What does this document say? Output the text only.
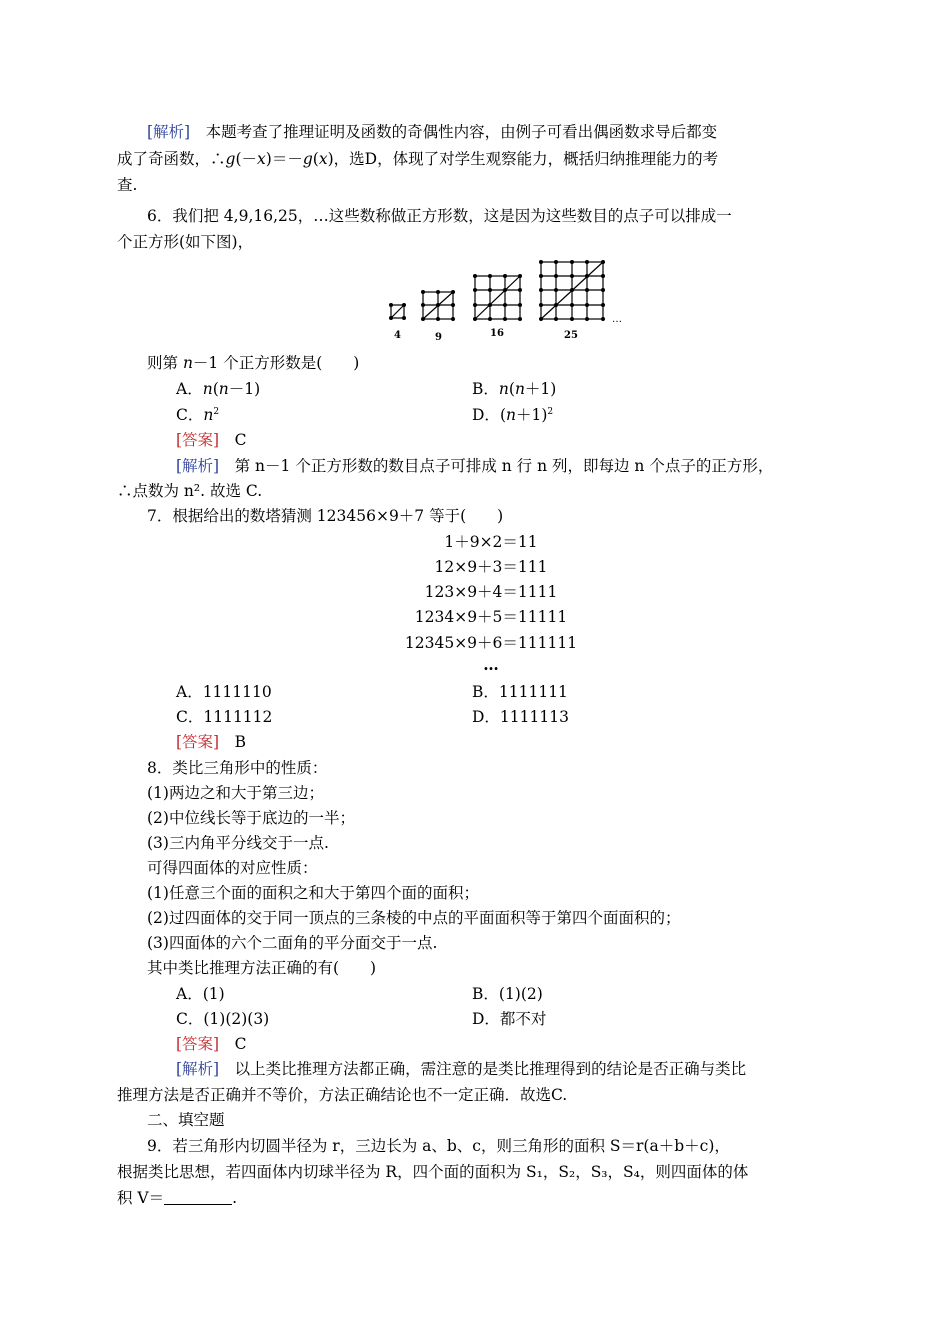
[解析]　 本题考查了推理证明及函数的奇偶性内容，由例子可看出偶函数求导后都变
成了奇函数，∴g(－x)＝－g(x)，选D，体现了对学生观察能力，概括归纳推理能力的考
查.
6．我们把 4,9,16,25，…这些数称做正方形数，这是因为这些数目的点子可以排成一
个正方形(如下图)，
4	9	16	25
…
则第 n－1 个正方形数是(　　)
A．n(n－1)	B．n(n＋1)
C．$n^2$	D．$(n+1)^2$
[答案]　 C
[解析]　 第 n－1 个正方形数的数目点子可排成 n 行 n 列，即每边 n 个点子的正方形，
∴点数为 n². 故选 C.
7．根据给出的数塔猜测 123456×9＋7 等于(　　)
1＋9×2＝11
12×9＋3＝111
123×9＋4＝1111
1234×9＋5＝11111
12345×9＋6＝111111
…
A．1111110	B．1111111
C．1111112	D．1111113
[答案]　 B
8．类比三角形中的性质：
(1)两边之和大于第三边；
(2)中位线长等于底边的一半；
(3)三内角平分线交于一点.
可得四面体的对应性质：
(1)任意三个面的面积之和大于第四个面的面积；
(2)过四面体的交于同一顶点的三条棱的中点的平面面积等于第四个面面积的；
(3)四面体的六个二面角的平分面交于一点.
其中类比推理方法正确的有(　　)
A．(1)	B．(1)(2)
C．(1)(2)(3)	D．都不对
[答案]　 C
[解析]　 以上类比推理方法都正确，需注意的是类比推理得到的结论是否正确与类比
推理方法是否正确并不等价，方法正确结论也不一定正确．故选C.
二、填空题
9．若三角形内切圆半径为 r，三边长为 a、b、c，则三角形的面积 S＝r(a＋b＋c)，
根据类比思想，若四面体内切球半径为 R，四个面的面积为 S₁，S₂，S₃，S₄，则四面体的体
积 V＝	.
